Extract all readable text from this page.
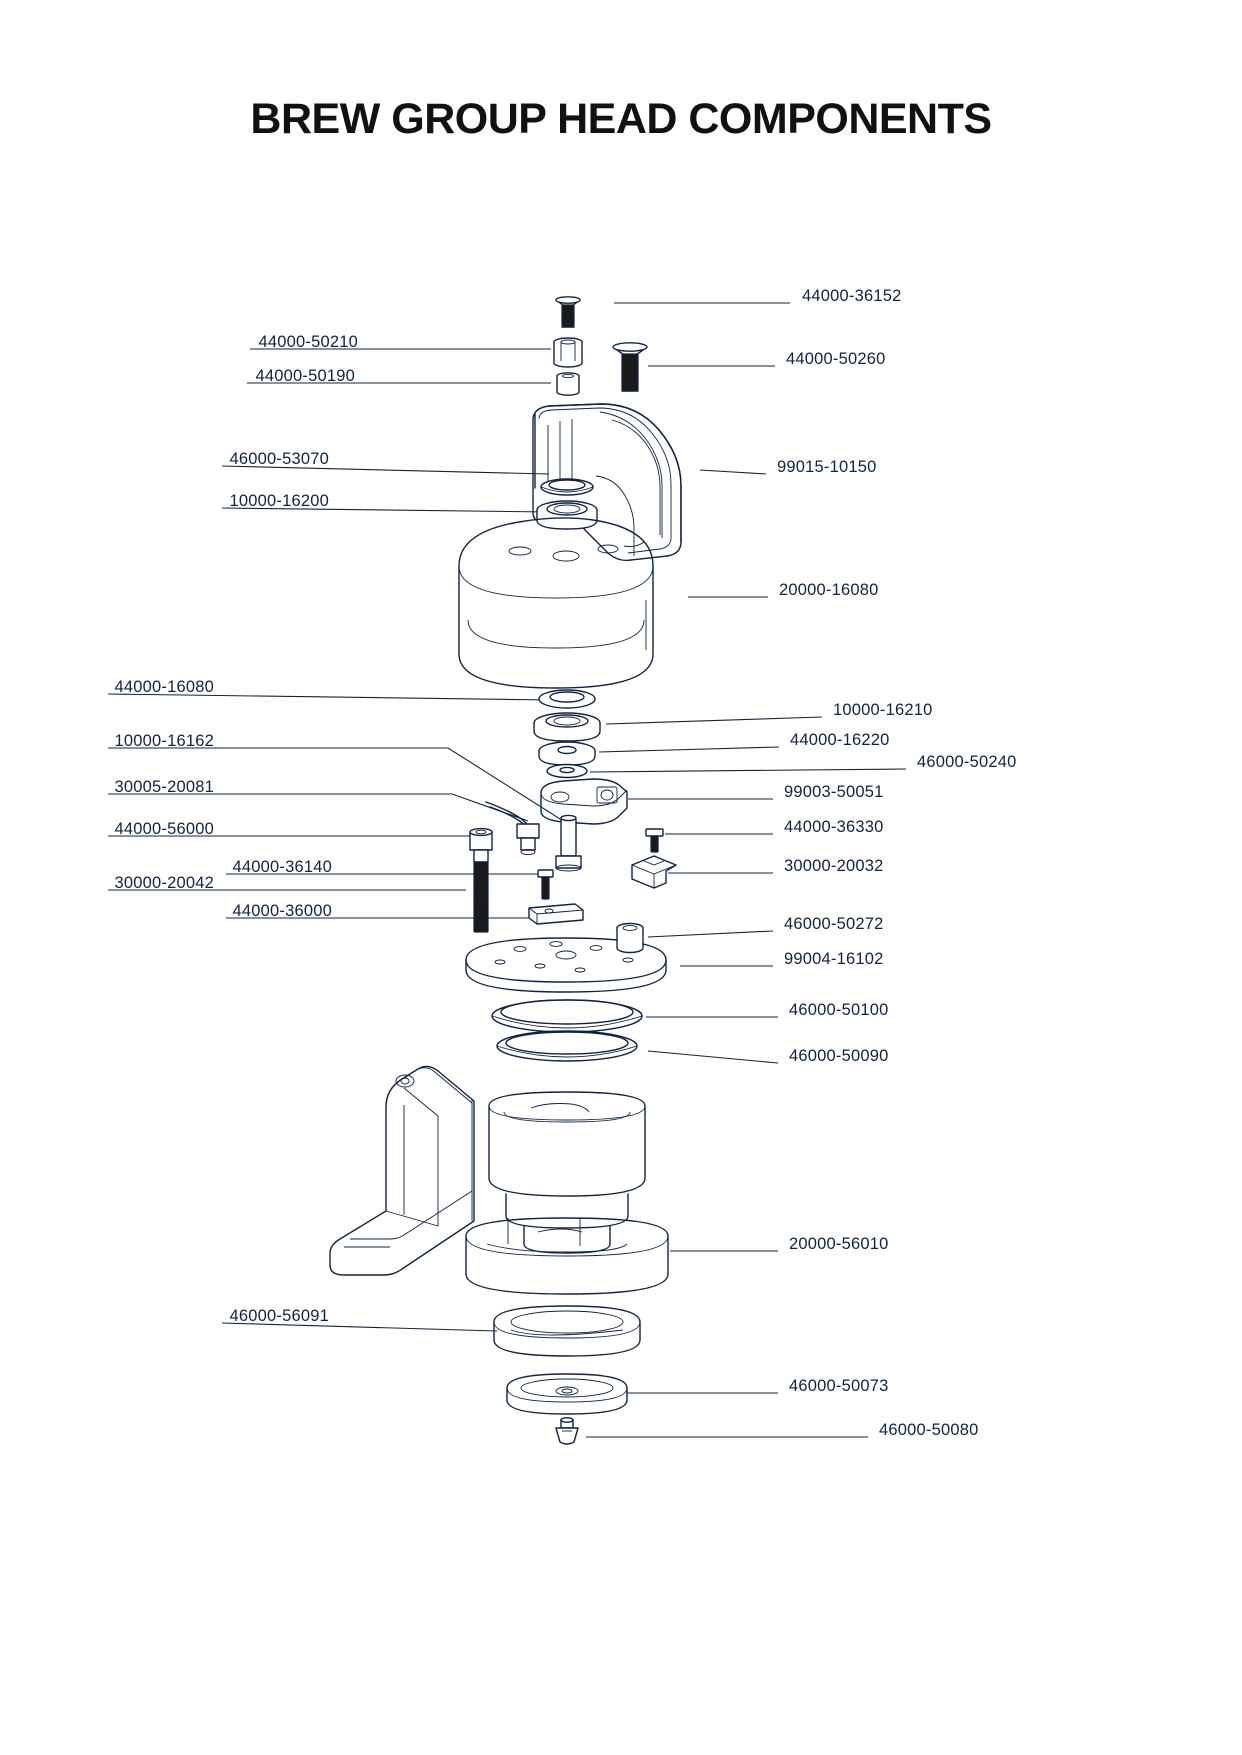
BREW GROUP HEAD COMPONENTS
44000-36152
44000-50260
99015-10150
20000-16080
10000-16210
44000-16220
46000-50240
99003-50051
44000-36330
30000-20032
46000-50272
99004-16102
46000-50100
46000-50090
20000-56010
46000-50073
46000-50080
44000-50210
44000-50190
46000-53070
10000-16200
44000-16080
10000-16162
30005-20081
44000-56000
44000-36140
30000-20042
44000-36000
46000-56091
